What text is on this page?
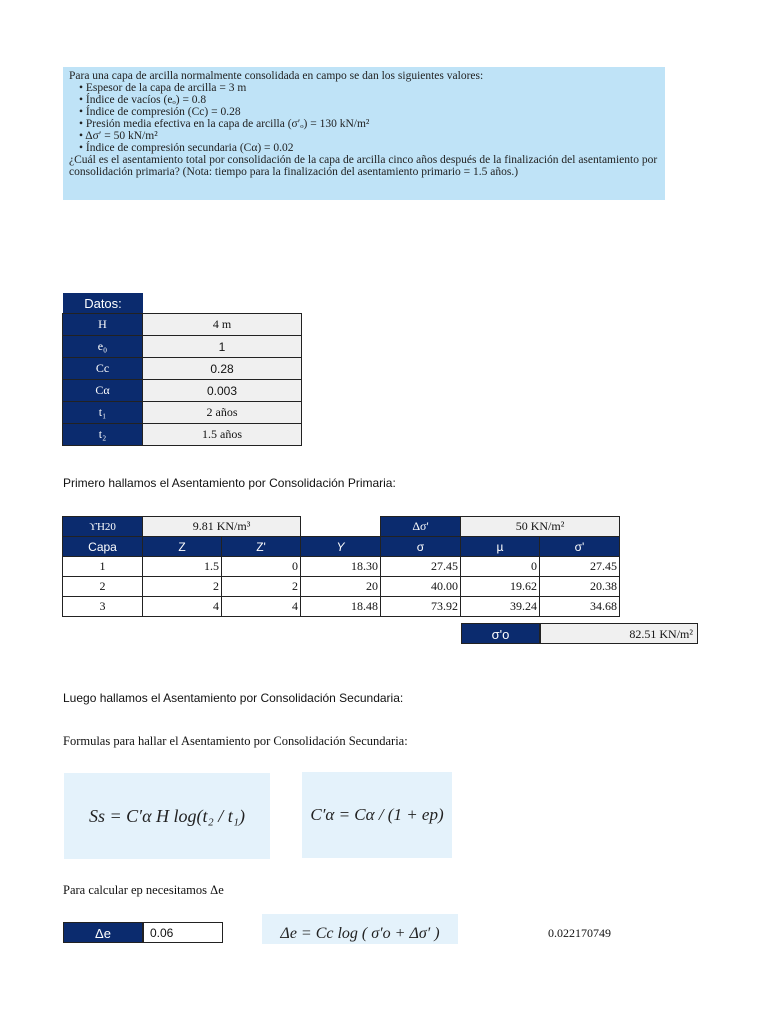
Para una capa de arcilla normalmente consolidada en campo se dan los siguientes valores:

• Espesor de la capa de arcilla = 3 m
• Índice de vacíos (eₒ) = 0.8
• Índice de compresión (Cc) = 0.28
• Presión media efectiva en la capa de arcilla (σ′ₒ) = 130 kN/m²
• Δσ′ = 50 kN/m²
• Índice de compresión secundaria (Cα) = 0.02

¿Cuál es el asentamiento total por consolidación de la capa de arcilla cinco años después de la finalización del asentamiento por consolidación primaria? (Nota: tiempo para la finalización del asentamiento primario = 1.5 años.)

Datos:
H	4 m
e₀	1
Cc	0.28
Cα	0.003
t₁	2 años
t₂	1.5 años
Primero hallamos el Asentamiento por Consolidación Primaria:
ϒH20	9.81 KN/m³			Δσ'	50 KN/m²	
Capa	Z	Z'	Y	σ	µ	σ'
1	1.5	0	18.30	27.45	0	27.45
2	2	2	20	40.00	19.62	20.38
3	4	4	18.48	73.92	39.24	34.68
σ'o	82.51 KN/m²
Luego hallamos el Asentamiento por Consolidación Secundaria:
Formulas para hallar el Asentamiento por Consolidación Secundaria:
Ss = C′α H log(t₂ / t₁)	C′α = Cα / (1 + ep)
Para calcular ep necesitamos Δe
Δe	0.06	Δe = Cc log ( σ′o + Δσ′ )	0.022170749
